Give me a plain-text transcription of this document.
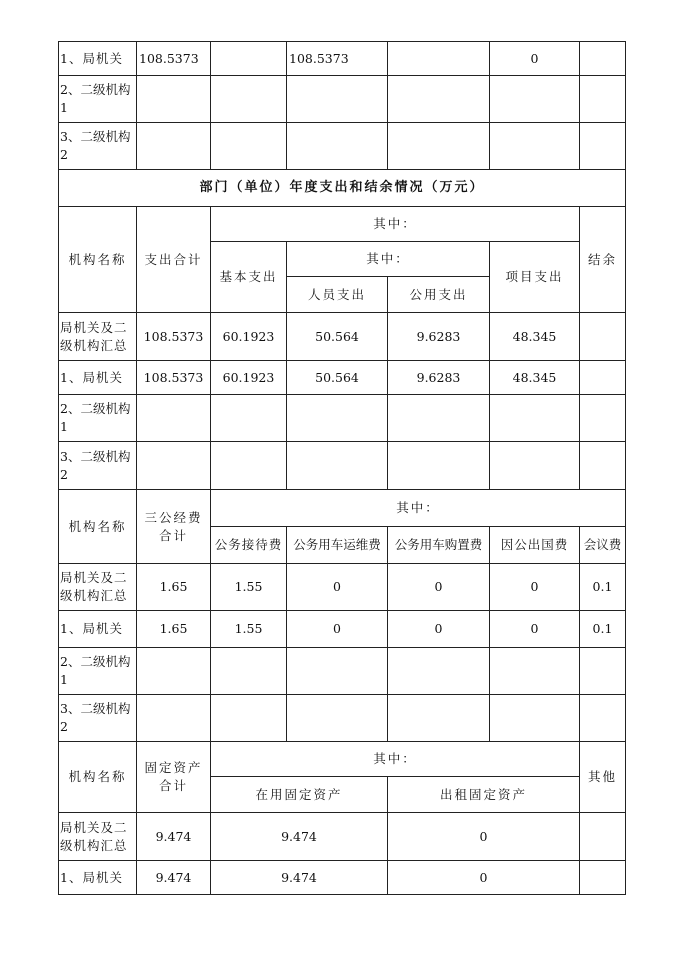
1、局机关	108.5373		108.5373		0	
2、二级机构1						
3、二级机构2						
部门（单位）年度支出和结余情况（万元）						
机构名称	支出合计	其中：				结余
		基本支出	其中：		项目支出	
			人员支出	公用支出		
局机关及二级机构汇总	108.5373	60.1923	50.564	9.6283	48.345	
1、局机关	108.5373	60.1923	50.564	9.6283	48.345	
2、二级机构1						
3、二级机构2						
机构名称	三公经费合计	其中：				
		公务接待费	公务用车运维费	公务用车购置费	因公出国费	会议费
局机关及二级机构汇总	1.65	1.55	0	0	0	0.1
1、局机关	1.65	1.55	0	0	0	0.1
2、二级机构1						
3、二级机构2						
机构名称	固定资产合计	其中：				其他
		在用固定资产		出租固定资产		
局机关及二级机构汇总	9.474	9.474		0		
1、局机关	9.474	9.474		0		
